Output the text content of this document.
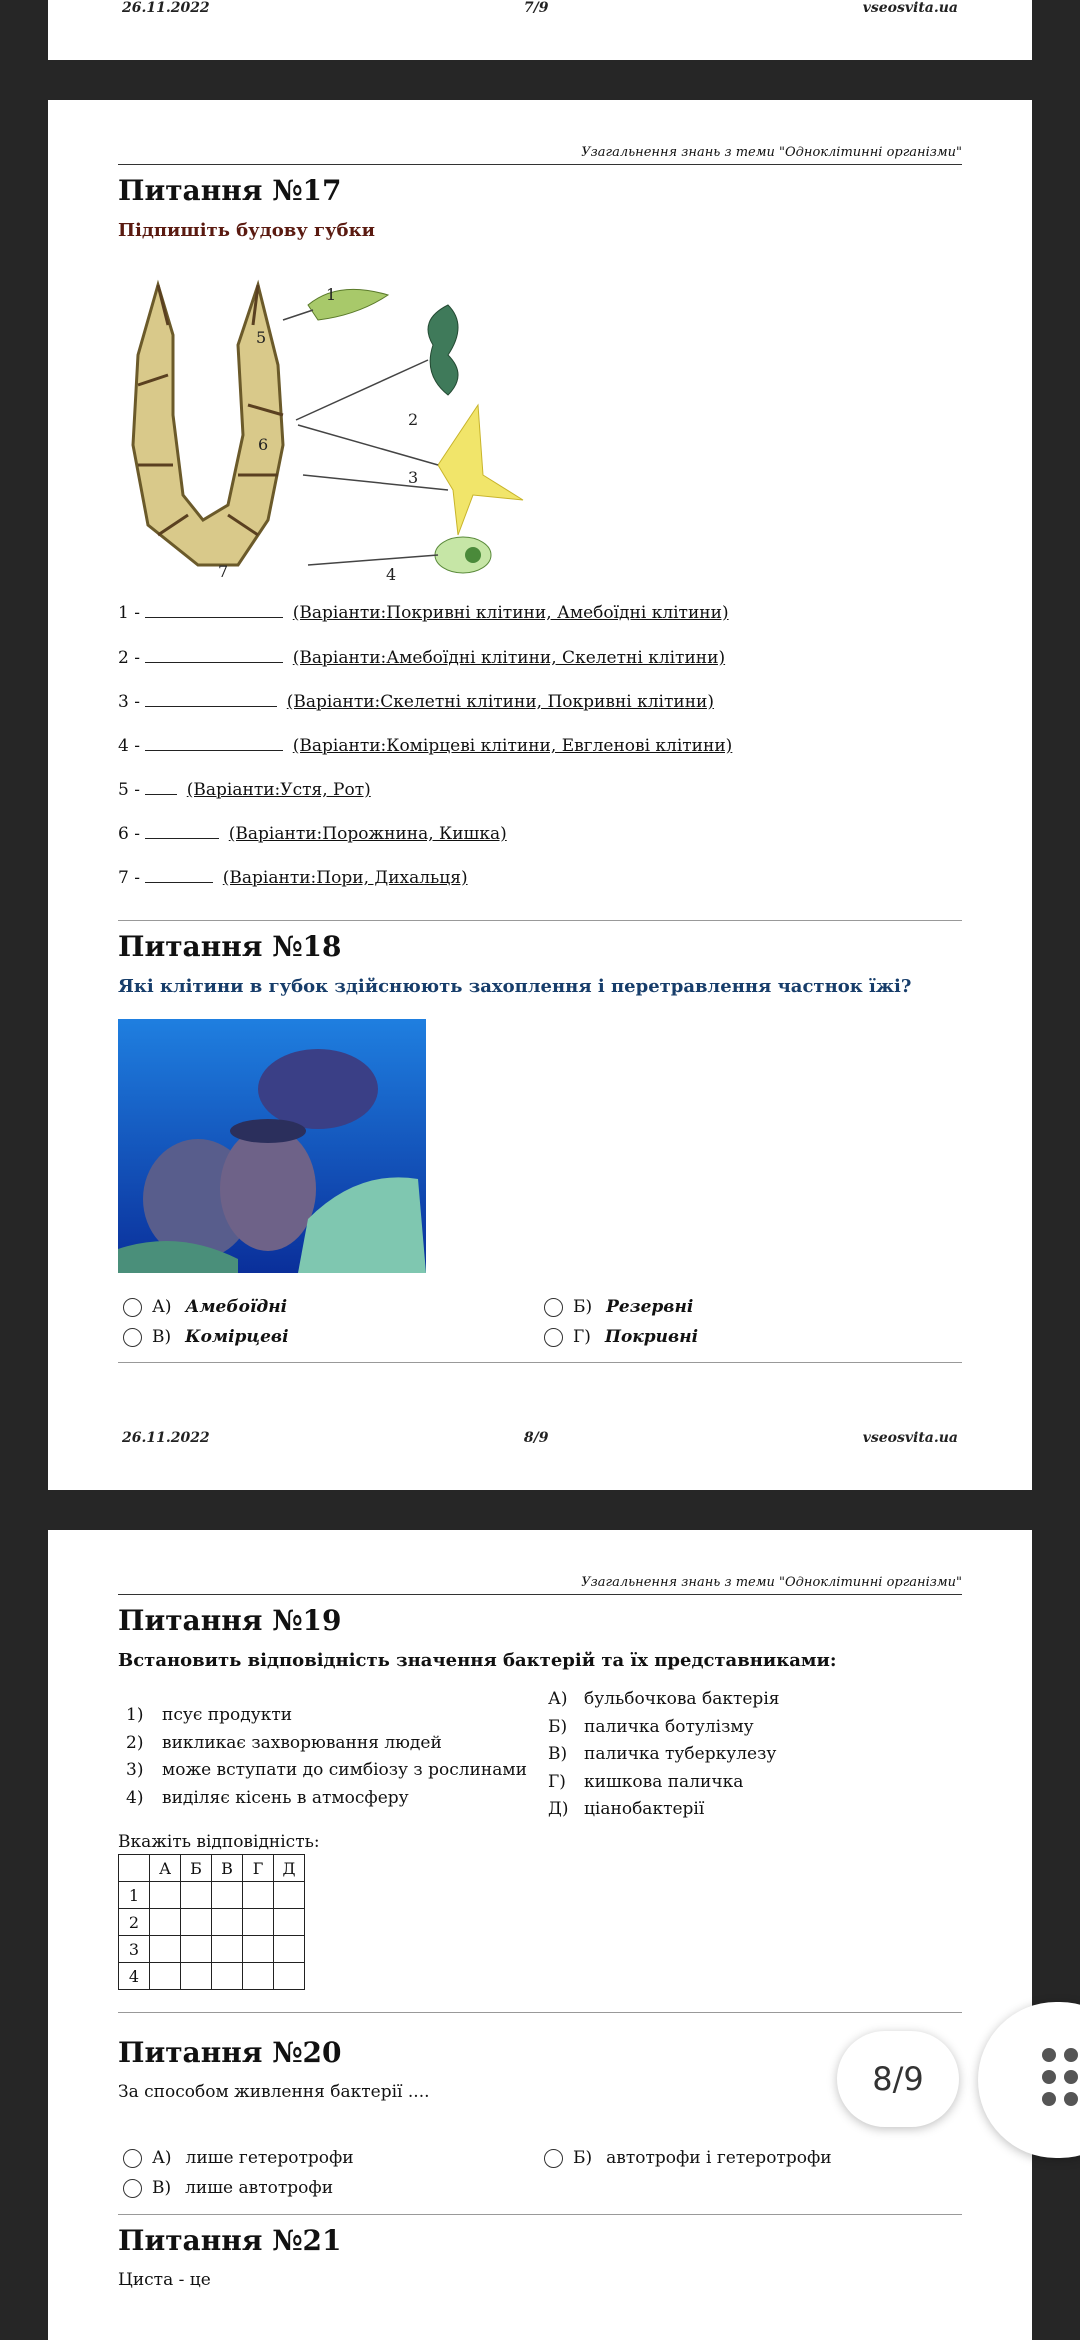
26.11.2022	7/9	vseosvita.ua
Узагальнення знань з теми "Одноклітинні організми"
Питання №17
Підпишіть будову губки
1
2
3
4
5
6
7
1 -	(Варіанти:Покривні клітини, Амебоїдні клітини)
2 -	(Варіанти:Амебоїдні клітини, Скелетні клітини)
3 -	(Варіанти:Скелетні клітини, Покривні клітини)
4 -	(Варіанти:Комірцеві клітини, Евгленові клітини)
5 -	(Варіанти:Устя, Рот)
6 -	(Варіанти:Порожнина, Кишка)
7 -	(Варіанти:Пори, Дихальця)
Питання №18
Які клітини в губок здійснюють захоплення і перетравлення частнок їжі?
А) Амебоїдні	Б) Резервні
В) Комірцеві	Г) Покривні
26.11.2022	8/9	vseosvita.ua
Узагальнення знань з теми "Одноклітинні організми"
Питання №19
Встановить відповідність значення бактерій та їх представниками:
1) псує продукти
2) викликає захворювання людей
3) може вступати до симбіозу з рослинами
4) виділяє кісень в атмосферу
А) бульбочкова бактерія
Б) паличка ботулізму
В) паличка туберкулезу
Г) кишкова паличка
Д) ціанобактерії
Вкажіть відповідність:
	А	Б	В	Г	Д
1					
2					
3					
4					
Питання №20
За способом живлення бактерії ....
А) лише гетеротрофи	Б) автотрофи і гетеротрофи
В) лише автотрофи
Питання №21
Циста - це
8/9
